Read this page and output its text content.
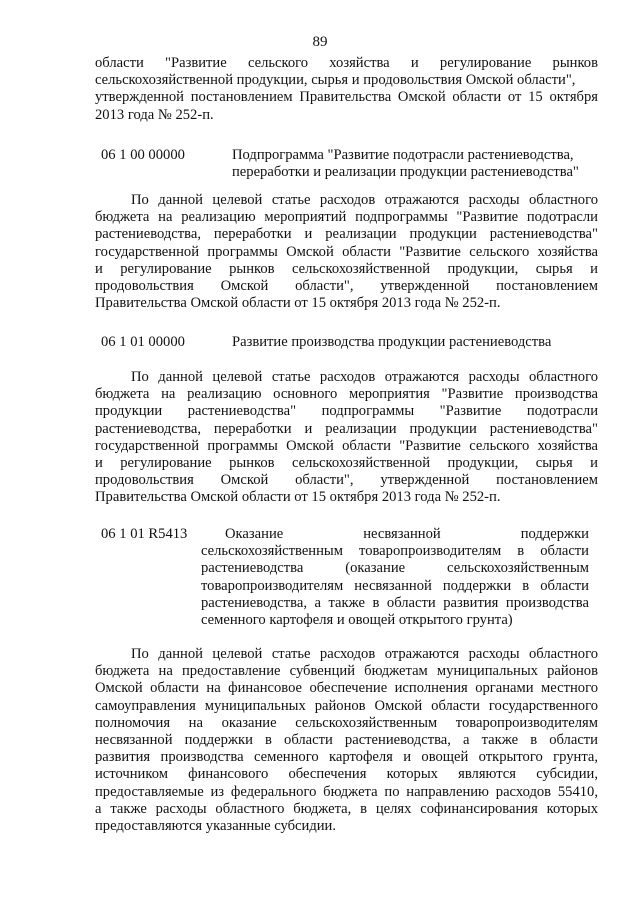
89
области "Развитие сельского хозяйства и регулирование рынков
сельскохозяйственной продукции, сырья и продовольствия Омской области",
утвержденной постановлением Правительства Омской области от 15 октября
2013 года № 252-п.
06 1 00 00000	Подпрограмма "Развитие подотрасли растениеводства,
переработки и реализации продукции растениеводства"
По данной целевой статье расходов отражаются расходы областного
бюджета на реализацию мероприятий подпрограммы "Развитие подотрасли
растениеводства, переработки и реализации продукции растениеводства"
государственной программы Омской области "Развитие сельского хозяйства
и регулирование рынков сельскохозяйственной продукции, сырья и
продовольствия Омской области", утвержденной постановлением
Правительства Омской области от 15 октября 2013 года № 252-п.
06 1 01 00000	Развитие производства продукции растениеводства
По данной целевой статье расходов отражаются расходы областного
бюджета на реализацию основного мероприятия "Развитие производства
продукции растениеводства" подпрограммы "Развитие подотрасли
растениеводства, переработки и реализации продукции растениеводства"
государственной программы Омской области "Развитие сельского хозяйства
и регулирование рынков сельскохозяйственной продукции, сырья и
продовольствия Омской области", утвержденной постановлением
Правительства Омской области от 15 октября 2013 года № 252-п.
06 1 01 R5413	Оказание несвязанной поддержки
сельскохозяйственным товаропроизводителям в области
растениеводства (оказание сельскохозяйственным
товаропроизводителям несвязанной поддержки в области
растениеводства, а также в области развития производства
семенного картофеля и овощей открытого грунта)
По данной целевой статье расходов отражаются расходы областного
бюджета на предоставление субвенций бюджетам муниципальных районов
Омской области на финансовое обеспечение исполнения органами местного
самоуправления муниципальных районов Омской области государственного
полномочия на оказание сельскохозяйственным товаропроизводителям
несвязанной поддержки в области растениеводства, а также в области
развития производства семенного картофеля и овощей открытого грунта,
источником финансового обеспечения которых являются субсидии,
предоставляемые из федерального бюджета по направлению расходов 55410,
а также расходы областного бюджета, в целях софинансирования которых
предоставляются указанные субсидии.
